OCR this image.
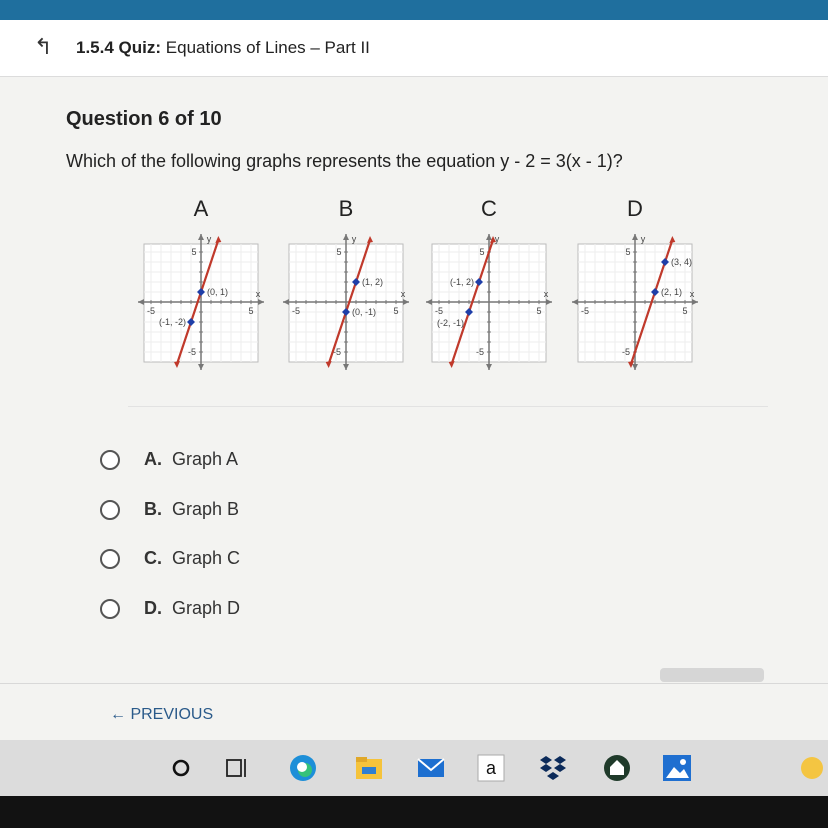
↰ 1.5.4 Quiz: Equations of Lines – Part II
Question 6 of 10
Which of the following graphs represents the equation y - 2 = 3(x - 1)?
A
x
y
5
5
-5
-5
(0, 1)
(-1, -2)
B
x
y
5
5
-5
-5
(1, 2)
(0, -1)
C
x
y
5
5
-5
-5
(-1, 2)
(-2, -1)
D
x
y
5
5
-5
-5
(3, 4)
(2, 1)
A. Graph A
B. Graph B
C. Graph C
D. Graph D
← PREVIOUS
a
